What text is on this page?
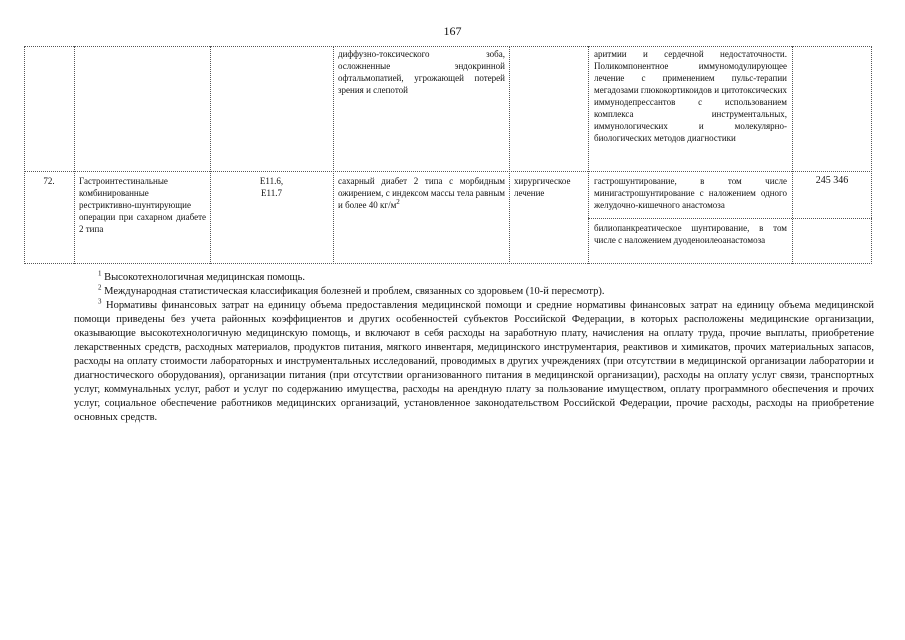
167

диффузно-токсического зоба, осложненные эндокринной офтальмопатией, угрожающей потерей зрения и слепотой

аритмии и сердечной недостаточности. Поликомпонентное иммуномодулирующее лечение с применением пульс-терапии мегадозами глюкокортикоидов и цитотоксических иммунодепрессантов с использованием комплекса инструментальных, иммунологических и молекулярно-биологических методов диагностики

72.	Гастроинтестинальные комбинированные рестриктивно-шунтирующие операции при сахарном диабете 2 типа

E11.6,
E11.7

сахарный диабет 2 типа с морбидным ожирением, с индексом массы тела равным и более 40 $кг/м^2$

хирургическое лечение

гастрошунтирование, в том числе минигастрошунтирование с наложением одного желудочно-кишечного анастомоза

245 346

билиопанкреатическое шунтирование, в том числе с наложением дуоденоилеоанастомоза

$^1$ Высокотехнологичная медицинская помощь.

$^2$ Международная статистическая классификация болезней и проблем, связанных со здоровьем (10-й пересмотр).

$^3$ Нормативы финансовых затрат на единицу объема предоставления медицинской помощи и средние нормативы финансовых затрат на единицу объема медицинской помощи приведены без учета районных коэффициентов и других особенностей субъектов Российской Федерации, в которых расположены медицинские организации, оказывающие высокотехнологичную медицинскую помощь, и включают в себя расходы на заработную плату, начисления на оплату труда, прочие выплаты, приобретение лекарственных средств, расходных материалов, продуктов питания, мягкого инвентаря, медицинского инструментария, реактивов и химикатов, прочих материальных запасов, расходы на оплату стоимости лабораторных и инструментальных исследований, проводимых в других учреждениях (при отсутствии в медицинской организации лаборатории и диагностического оборудования), организации питания (при отсутствии организованного питания в медицинской организации), расходы на оплату услуг связи, транспортных услуг, коммунальных услуг, работ и услуг по содержанию имущества, расходы на арендную плату за пользование имуществом, оплату программного обеспечения и прочих услуг, социальное обеспечение работников медицинских организаций, установленное законодательством Российской Федерации, прочие расходы, расходы на приобретение основных средств.
